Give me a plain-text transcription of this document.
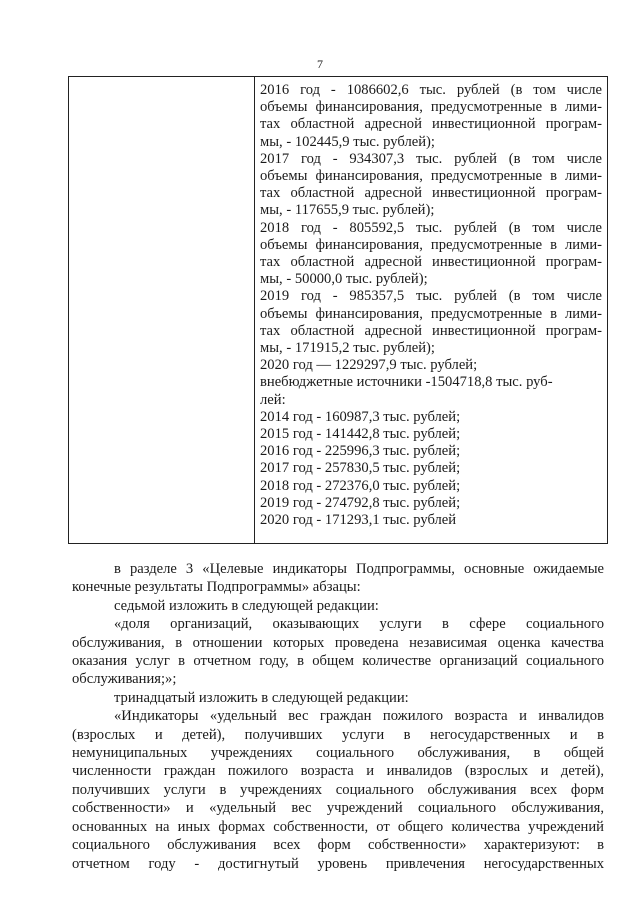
7

2016 год - 1086602,6 тыс. рублей (в том числе

объемы финансирования, предусмотренные в лими-

тах областной адресной инвестиционной програм-

мы, - 102445,9 тыс. рублей);

2017 год - 934307,3 тыс. рублей (в том числе

объемы финансирования, предусмотренные в лими-

тах областной адресной инвестиционной програм-

мы, - 117655,9 тыс. рублей);

2018 год - 805592,5 тыс. рублей (в том числе

объемы финансирования, предусмотренные в лими-

тах областной адресной инвестиционной програм-

мы, - 50000,0 тыс. рублей);

2019 год - 985357,5 тыс. рублей (в том числе

объемы финансирования, предусмотренные в лими-

тах областной адресной инвестиционной програм-

мы, - 171915,2 тыс. рублей);

2020 год — 1229297,9 тыс. рублей;

внебюджетные источники -1504718,8 тыс. руб-

лей:

2014 год - 160987,3 тыс. рублей;

2015 год - 141442,8 тыс. рублей;

2016 год - 225996,3 тыс. рублей;

2017 год - 257830,5 тыс. рублей;

2018 год - 272376,0 тыс. рублей;

2019 год - 274792,8 тыс. рублей;

2020 год - 171293,1 тыс. рублей

в разделе 3 «Целевые индикаторы Подпрограммы, основные ожидаемые

конечные результаты Подпрограммы» абзацы:

седьмой изложить в следующей редакции:

«доля организаций, оказывающих услуги в сфере социального

обслуживания, в отношении которых проведена независимая оценка качества

оказания услуг в отчетном году, в общем количестве организаций социального

обслуживания;»;

тринадцатый изложить в следующей редакции:

«Индикаторы «удельный вес граждан пожилого возраста и инвалидов

(взрослых и детей), получивших услуги в негосударственных и в

немуниципальных учреждениях социального обслуживания, в общей

численности граждан пожилого возраста и инвалидов (взрослых и детей),

получивших услуги в учреждениях социального обслуживания всех форм

собственности» и «удельный вес учреждений социального обслуживания,

основанных на иных формах собственности, от общего количества учреждений

социального обслуживания всех форм собственности» характеризуют: в

отчетном году - достигнутый уровень привлечения негосударственных
